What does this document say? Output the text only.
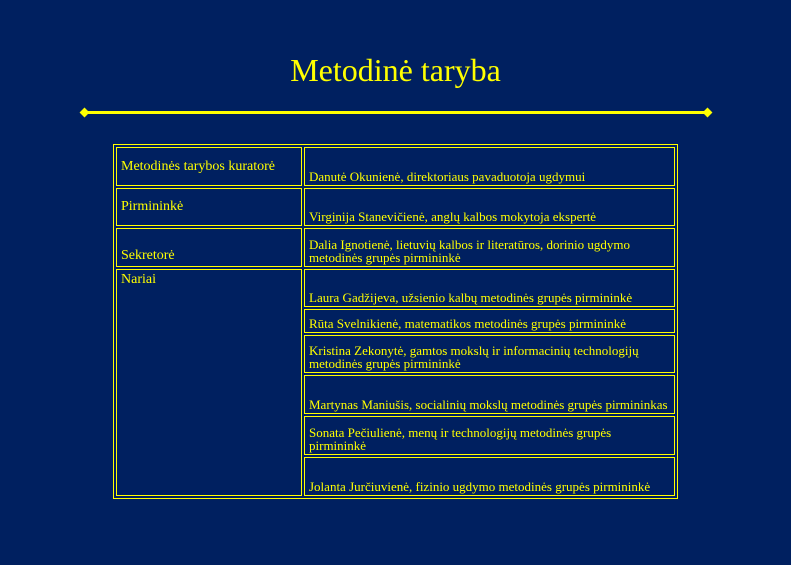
Metodinė taryba
Metodinės tarybos kuratorė	Danutė Okunienė, direktoriaus pavaduotoja ugdymui
Pirmininkė	Virginija Stanevičienė, anglų kalbos mokytoja ekspertė
Sekretorė	Dalia Ignotienė, lietuvių kalbos ir literatūros, dorinio ugdymo metodinės grupės pirmininkė
Nariai	Laura Gadžijeva, užsienio kalbų metodinės grupės pirmininkė
	Rūta Svelnikienė, matematikos metodinės grupės pirmininkė
	Kristina Zekonytė, gamtos mokslų ir informacinių technologijų metodinės grupės pirmininkė
	Martynas Maniušis, socialinių mokslų metodinės grupės pirmininkas
	Sonata Pečiulienė, menų ir technologijų metodinės grupės pirmininkė
	Jolanta Jurčiuvienė, fizinio ugdymo metodinės grupės pirmininkė
